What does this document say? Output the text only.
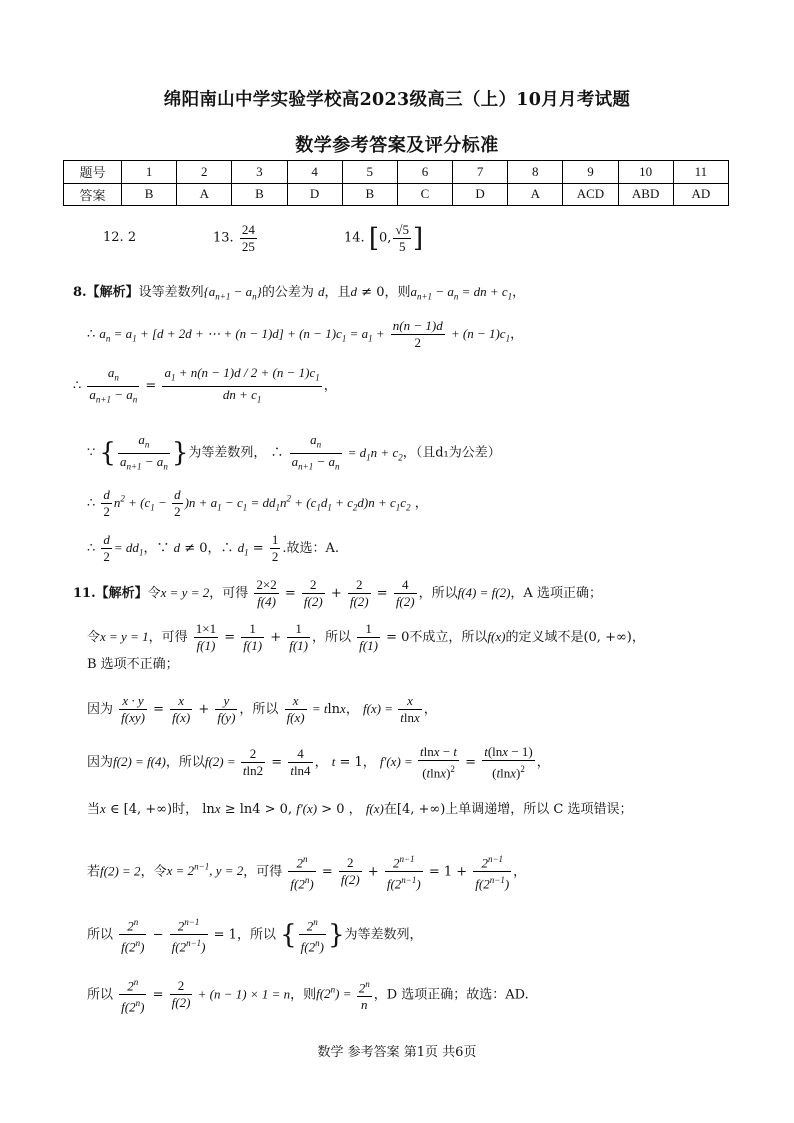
绵阳南山中学实验学校高2023级高三（上）10月月考试题
数学参考答案及评分标准
题号	1	2	3	4	5	6	7	8	9	10	11
答案	B	A	B	D	B	C	D	A	ACD	ABD	AD
12. 2	13. $\frac{24}{25}$	14. [0, $\frac{√5}{5}$ ]
8.【解析】设等差数列$\{a_{n+1} - a_n\}$的公差为 d，且d ≠ 0，则$a_{n+1} - a_n$ = dn + $c_1$，
∴ $a_n = a_1 + [d + 2d$ + ⋯ + $(n - 1)d] + (n - 1)c_1 = a_1 + \frac{n(n - 1)d}{2} + (n - 1)c_1$，
∴ $\frac{a_n}{a_{n+1} - a_n} = \frac{a_1 + n(n - 1)d / 2 + (n - 1)c_1}{dn + c_1}$ ，
∵ { $\frac{a_n}{a_{n+1} - a_n}$ }为等差数列， ∴ $\frac{a_n}{a_{n+1} - a_n} = d_1n + c_2$，（且d₁为公差）
∴ $\frac{d}{2} n^2 + (c_1 - \frac{d}{2} )n + a_1 - c_1 = dd_1n^2 + (c_1d_1 + c_2d)n + c_1c_2$ ，
∴ $\frac{d}{2} = dd_1$，∵ d ≠ 0，∴ $d_1 = \frac{1}{2}$ .故选：A.
11.【解析】令x = y = 2，可得 $\frac{2\times 2}{f(4)} = \frac{2}{f(2)} + \frac{2}{f(2)} = \frac{4}{f(2)}$ ，所以f(4) = f(2)，A 选项正确；
令x = y = 1，可得 $\frac{1\times 1}{f(1)} = \frac{1}{f(1)} + \frac{1}{f(1)}$ ，所以 $\frac{1}{f(1)} = 0$不成立，所以f(x)的定义域不是(0, +∞)，
B 选项不正确；
因为 $\frac{x \cdot y}{f(xy)} = \frac{x}{f(x)} + \frac{y}{f(y)}$ ，所以 $\frac{x}{f(x)} = tlnx$， $f(x) = \frac{x}{tlnx}$ ，
因为f(2) = f(4)，所以$f(2) = \frac{2}{tln2} = \frac{4}{tln4}$ ， t = 1， $f'(x) = \frac{tlnx - t}{(tlnx)^2} = \frac{t(\ln x - 1)}{(tlnx)^2}$ ，
当x ∈ [4, +∞)时， lnx ≥ ln4 > 0, f′(x) > 0 ， f(x)在[4, +∞)上单调递增，所以 C 选项错误；
若f(2) = 2，令$x = 2^{n-1}$, y = 2，可得 $\frac{2^n}{f(2^n)} = \frac{2}{f(2)} + \frac{2^{n-1}}{f(2^{n-1})} = 1 + \frac{2^{n-1}}{f(2^{n-1})}$ ，
所以 $\frac{2^n}{f(2^n)} - \frac{2^{n-1}}{f(2^{n-1})} = 1$，所以 { $\frac{2^n}{f(2^n)}$ }为等差数列，
所以 $\frac{2^n}{f(2^n)} = \frac{2}{f(2)} + (n - 1) \times 1 = n$，则$f(2^n) = \frac{2^n}{n}$ ，D 选项正确；故选：AD.
数学 参考答案 第1页 共6页
